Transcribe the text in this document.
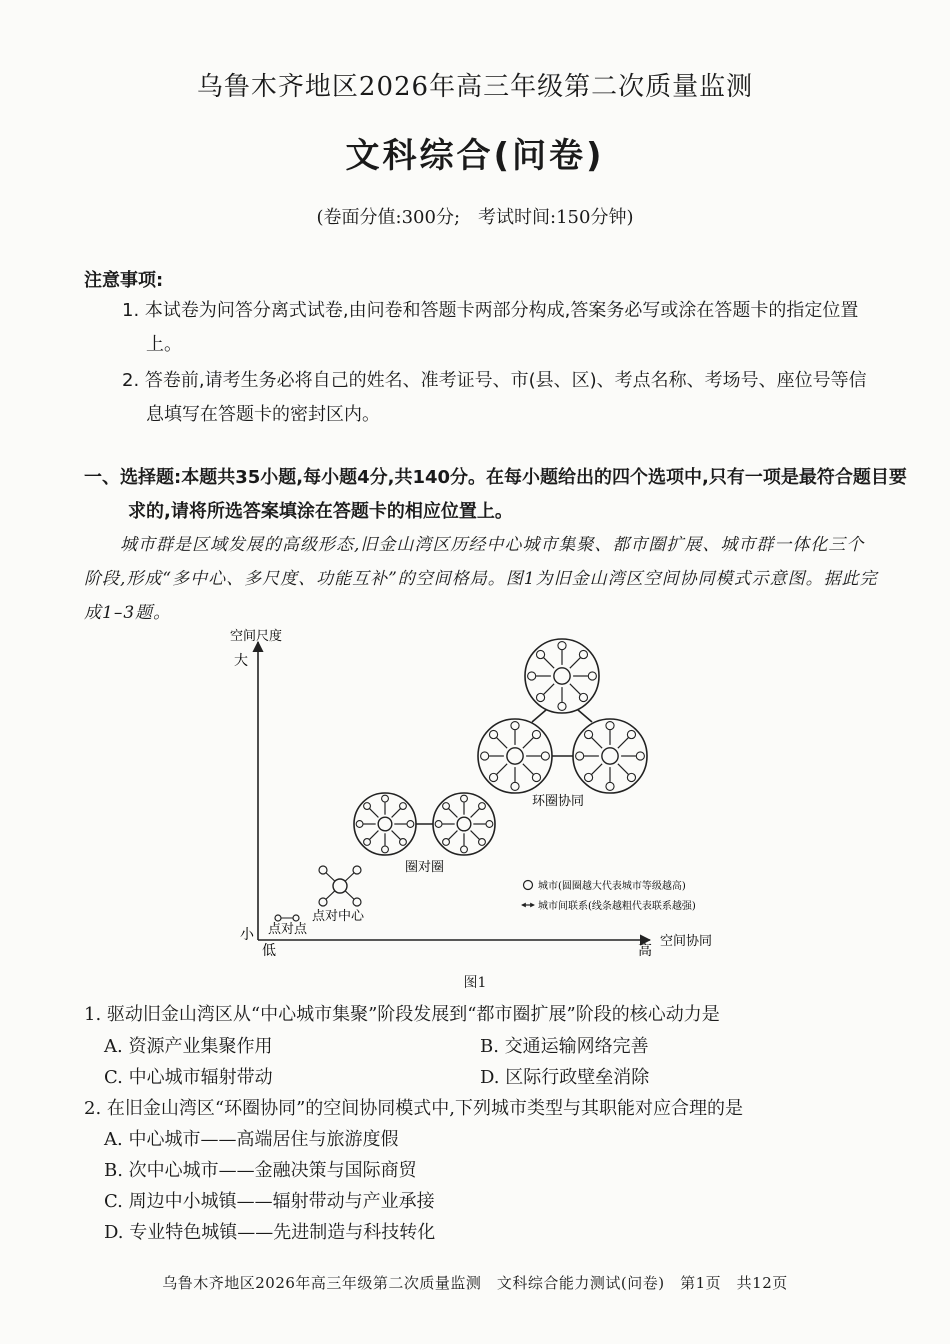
乌鲁木齐地区2026年高三年级第二次质量监测
文科综合(问卷)
(卷面分值:300分;　考试时间:150分钟)
注意事项:
1. 本试卷为问答分离式试卷,由问卷和答题卡两部分构成,答案务必写或涂在答题卡的指定位置上。
2. 答卷前,请考生务必将自己的姓名、准考证号、市(县、区)、考点名称、考场号、座位号等信息填写在答题卡的密封区内。
一、选择题:本题共35小题,每小题4分,共140分。在每小题给出的四个选项中,只有一项是最符合题目要求的,请将所选答案填涂在答题卡的相应位置上。
城市群是区域发展的高级形态,旧金山湾区历经中心城市集聚、都市圈扩展、城市群一体化三个阶段,形成“多中心、多尺度、功能互补”的空间格局。图1为旧金山湾区空间协同模式示意图。据此完成1–3题。
空间尺度
大
小
低	高
空间协同
点对点
点对中心
圈对圈
环圈协同
城市(圆圈越大代表城市等级越高)
城市间联系(线条越粗代表联系越强)
图1
1. 驱动旧金山湾区从“中心城市集聚”阶段发展到“都市圈扩展”阶段的核心动力是
A. 资源产业集聚作用	B. 交通运输网络完善
C. 中心城市辐射带动	D. 区际行政壁垒消除
2. 在旧金山湾区“环圈协同”的空间协同模式中,下列城市类型与其职能对应合理的是
A. 中心城市——高端居住与旅游度假
B. 次中心城市——金融决策与国际商贸
C. 周边中小城镇——辐射带动与产业承接
D. 专业特色城镇——先进制造与科技转化
乌鲁木齐地区2026年高三年级第二次质量监测　文科综合能力测试(问卷)　第1页　共12页
